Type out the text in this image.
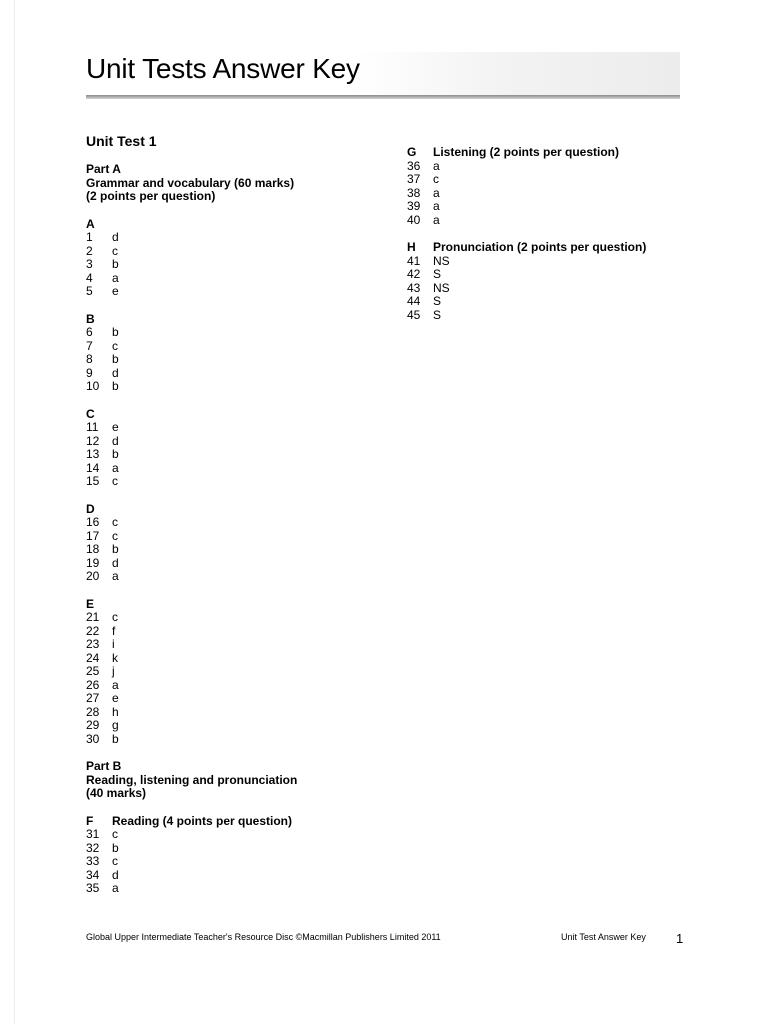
Unit Tests Answer Key
Unit Test 1
Part A
Grammar and vocabulary (60 marks)
(2 points per question)
A
1	d
2	c
3	b
4	a
5	e
B
6	b
7	c
8	b
9	d
10	b
C
11	e
12	d
13	b
14	a
15	c
D
16	c
17	c
18	b
19	d
20	a
E
21	c
22	f
23	i
24	k
25	j
26	a
27	e
28	h
29	g
30	b
Part B
Reading, listening and pronunciation
(40 marks)
F	Reading (4 points per question)
31	c
32	b
33	c
34	d
35	a
G	Listening (2 points per question)
36	a
37	c
38	a
39	a
40	a
H	Pronunciation (2 points per question)
41	NS
42	S
43	NS
44	S
45	S
Global Upper Intermediate Teacher's Resource Disc ©Macmillan Publishers Limited 2011	Unit Test Answer Key 1
